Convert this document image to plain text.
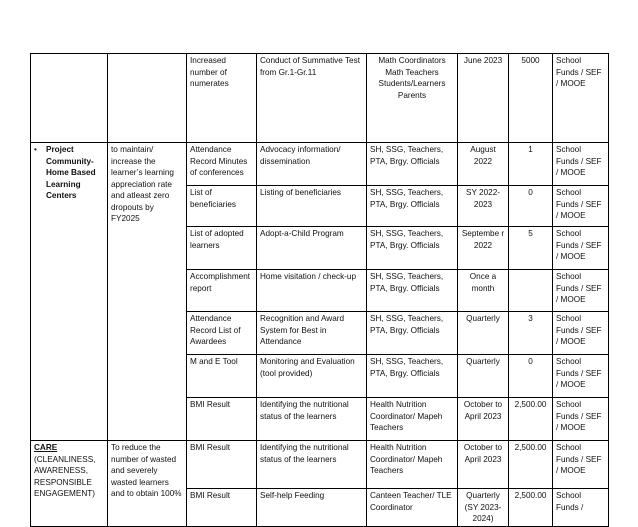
		Increased number of numerates	Conduct of Summative Test from Gr.1-Gr.11	Math Coordinators Math Teachers Students/Learners Parents	June 2023	5000	School Funds / SEF / MOOE

• Project Community-Home Based Learning Centers	to maintain/ increase the learner’s learning appreciation rate and atleast zero dropouts by FY2025	Attendance Record Minutes of conferences	Advocacy information/ dissemination	SH, SSG, Teachers, PTA, Brgy. Officials	August 2022	1	School Funds / SEF / MOOE
		List of beneficiaries	Listing of beneficiaries	SH, SSG, Teachers, PTA, Brgy. Officials	SY 2022-2023	0	School Funds / SEF / MOOE
		List of adopted learners	Adopt-a-Child Program	SH, SSG, Teachers, PTA, Brgy. Officials	Septembe r 2022	5	School Funds / SEF / MOOE
		Accomplishment report	Home visitation / check-up	SH, SSG, Teachers, PTA, Brgy. Officials	Once a month		School Funds / SEF / MOOE
		Attendance Record List of Awardees	Recognition and Award System for Best in Attendance	SH, SSG, Teachers, PTA, Brgy. Officials	Quarterly	3	School Funds / SEF / MOOE
		M and E Tool	Monitoring and Evaluation (tool provided)	SH, SSG, Teachers, PTA, Brgy. Officials	Quarterly	0	School Funds / SEF / MOOE
		BMI Result	Identifying the nutritional status of the learners	Health Nutrition Coordinator/ Mapeh Teachers	October to April 2023	2,500.00	School Funds / SEF / MOOE

CARE
(CLEANLINESS, AWARENESS, RESPONSIBLE ENGAGEMENT)	To reduce the number of wasted and severely wasted learners and to obtain 100%	BMI Result	Identifying the nutritional status of the learners	Health Nutrition Coordinator/ Mapeh Teachers	October to April 2023	2,500.00	School Funds / SEF / MOOE
		BMI Result	Self-help Feeding	Canteen Teacher/ TLE Coordinator	Quarterly (SY 2023-2024)	2,500.00	School Funds /
